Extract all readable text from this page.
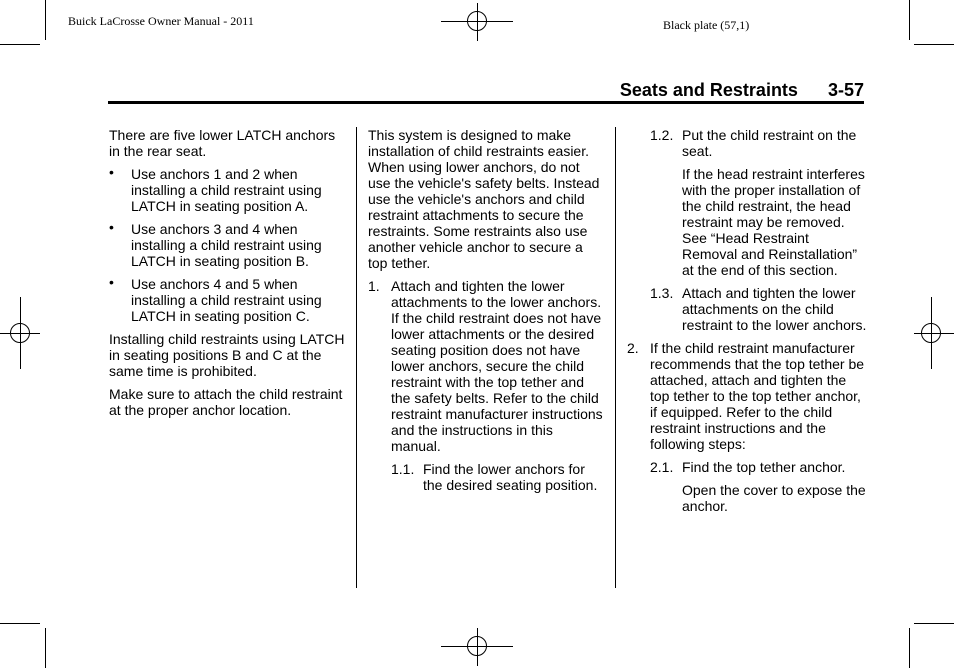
Buick LaCrosse Owner Manual - 2011	Black plate (57,1)
Seats and Restraints 3-57

There are five lower LATCH anchors in the rear seat.

• Use anchors 1 and 2 when installing a child restraint using LATCH in seating position A.
• Use anchors 3 and 4 when installing a child restraint using LATCH in seating position B.
• Use anchors 4 and 5 when installing a child restraint using LATCH in seating position C.

Installing child restraints using LATCH in seating positions B and C at the same time is prohibited.

Make sure to attach the child restraint at the proper anchor location.

This system is designed to make installation of child restraints easier. When using lower anchors, do not use the vehicle's safety belts. Instead use the vehicle's anchors and child restraint attachments to secure the restraints. Some restraints also use another vehicle anchor to secure a top tether.

1. Attach and tighten the lower attachments to the lower anchors. If the child restraint does not have lower attachments or the desired seating position does not have lower anchors, secure the child restraint with the top tether and the safety belts. Refer to the child restraint manufacturer instructions and the instructions in this manual.
1.1. Find the lower anchors for the desired seating position.
1.2. Put the child restraint on the seat.

If the head restraint interferes with the proper installation of the child restraint, the head restraint may be removed. See “Head Restraint Removal and Reinstallation” at the end of this section.

1.3. Attach and tighten the lower attachments on the child restraint to the lower anchors.
2. If the child restraint manufacturer recommends that the top tether be attached, attach and tighten the top tether to the top tether anchor, if equipped. Refer to the child restraint instructions and the following steps:
2.1. Find the top tether anchor.

Open the cover to expose the anchor.
